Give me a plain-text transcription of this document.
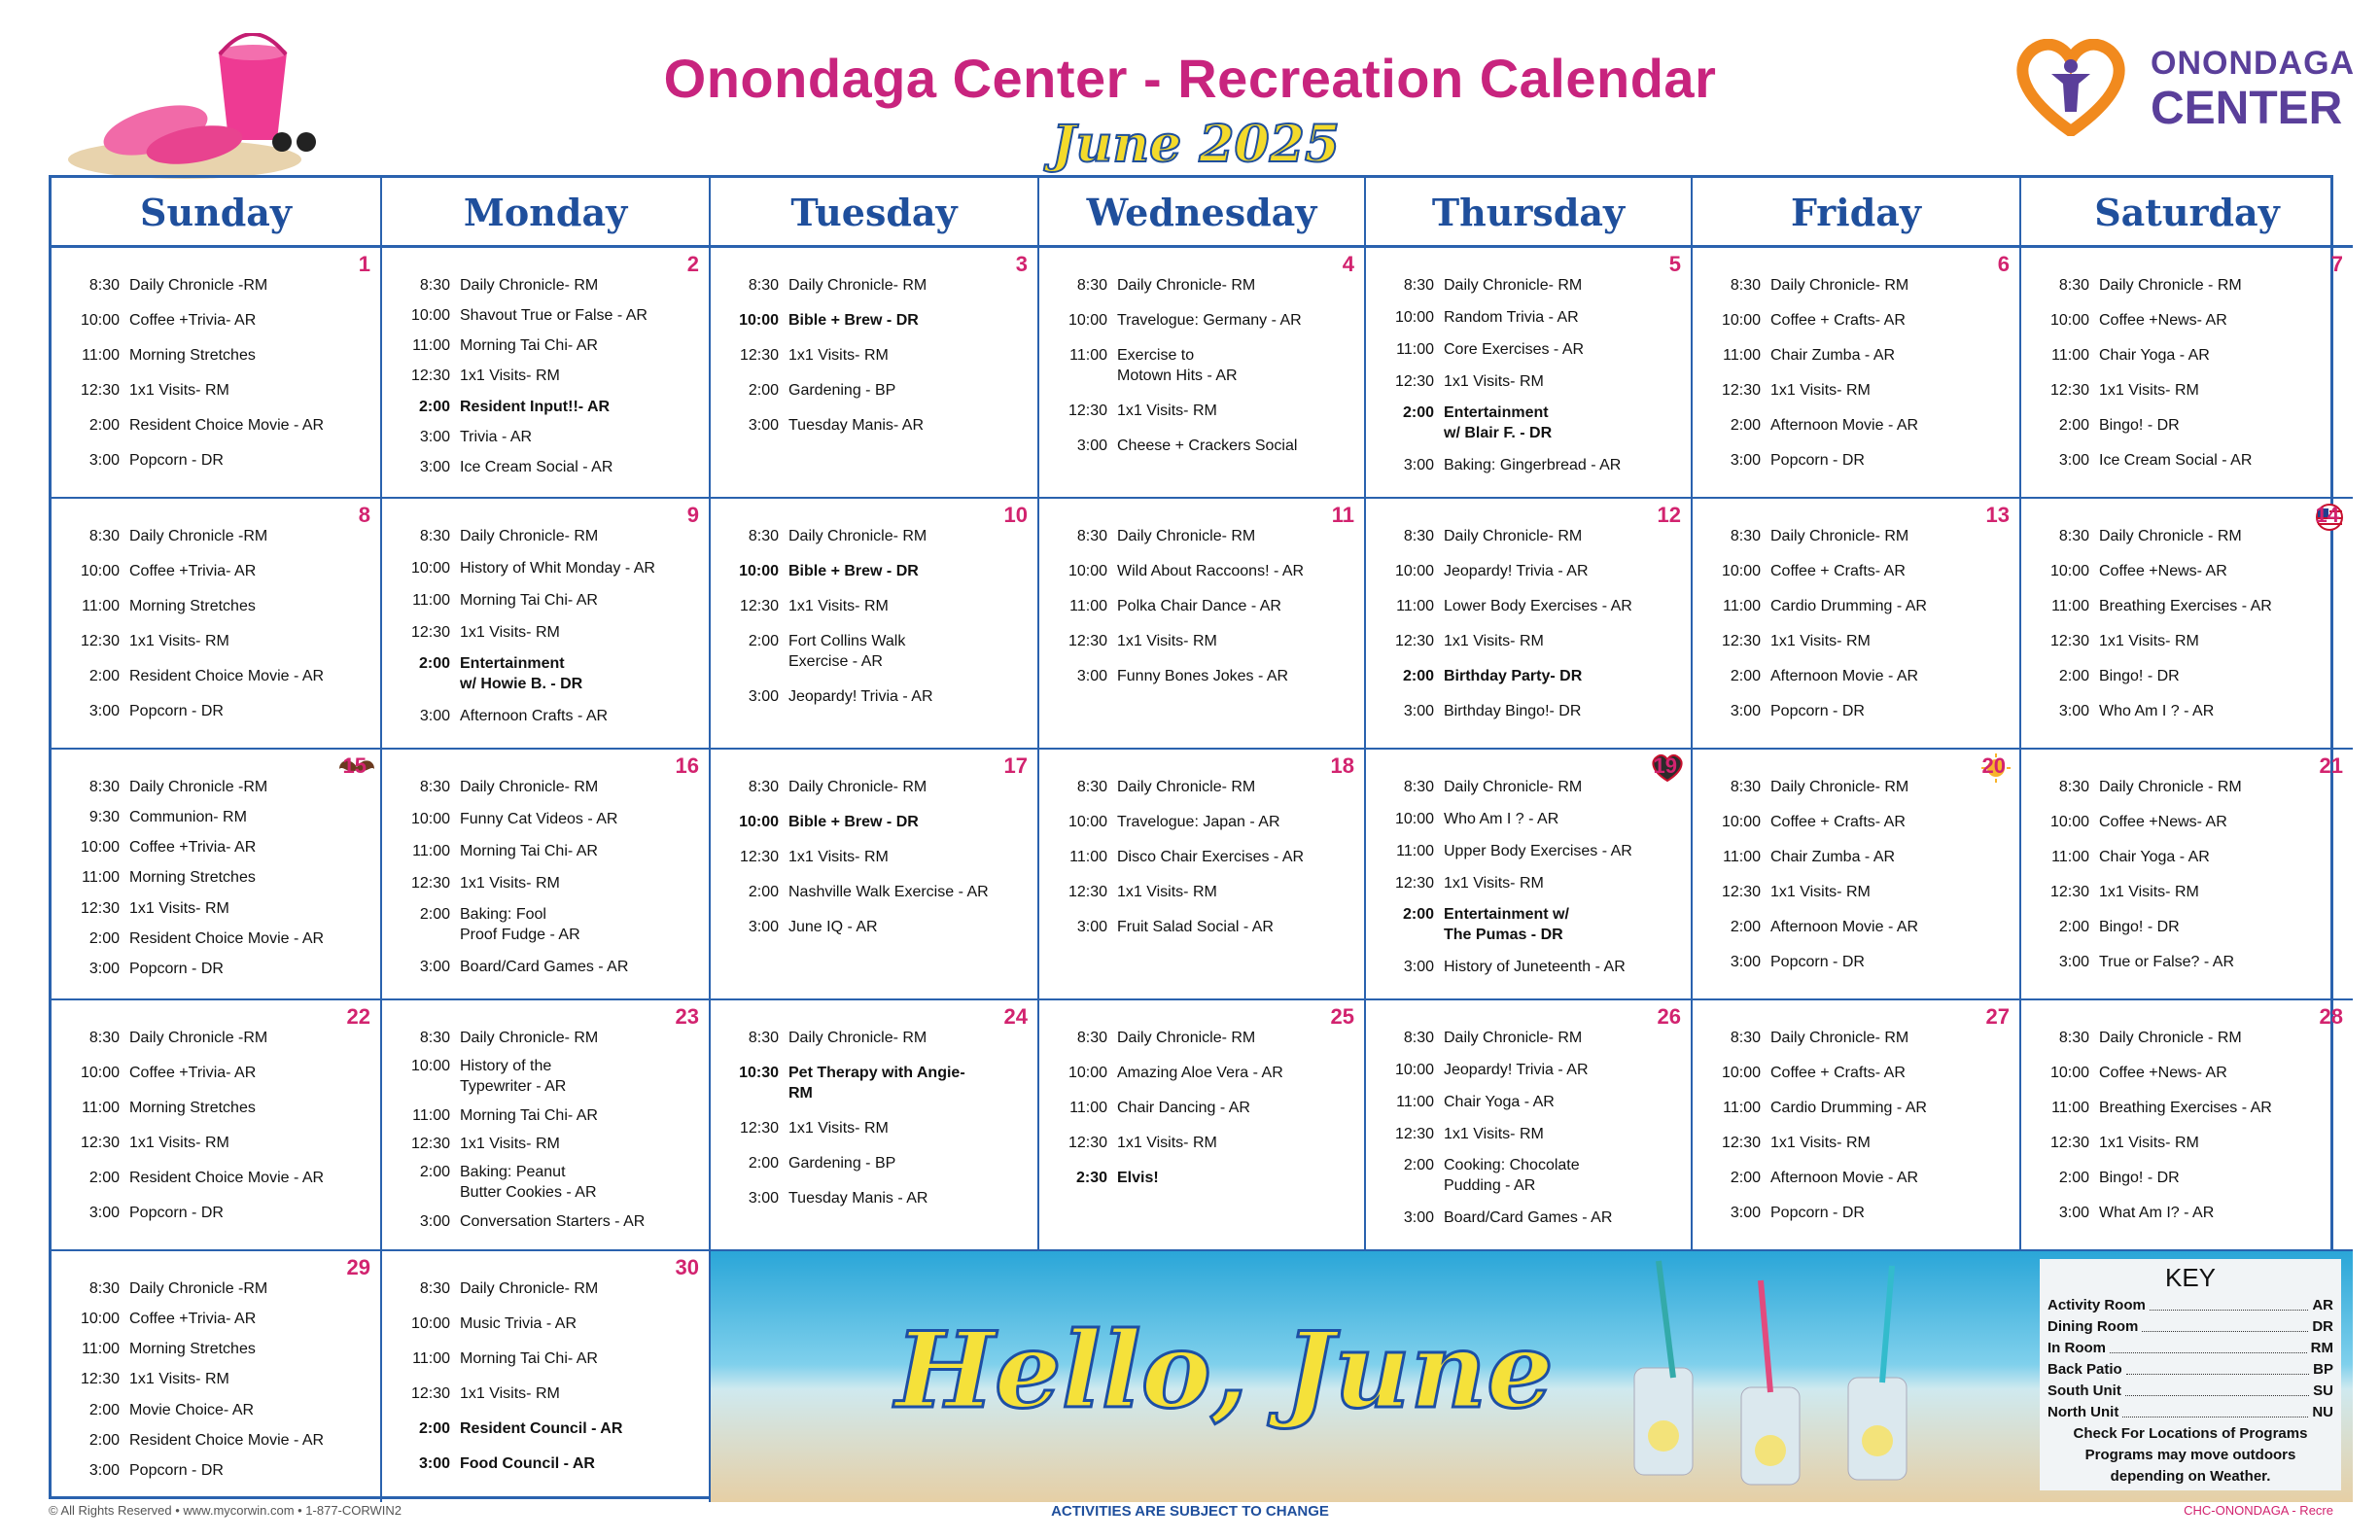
Onondaga Center - Recreation Calendar
June 2025
ONONDAGA
CENTER
Sunday	Monday	Tuesday	Wednesday	Thursday	Friday	Saturday
1
8:30 Daily Chronicle -RM
10:00 Coffee +Trivia- AR
11:00 Morning Stretches
12:30 1x1 Visits- RM
2:00 Resident Choice Movie - AR
3:00 Popcorn - DR
2
8:30 Daily Chronicle- RM
10:00 Shavout True or False - AR
11:00 Morning Tai Chi- AR
12:30 1x1 Visits- RM
2:00 Resident Input!!- AR
3:00 Trivia - AR
3:00 Ice Cream Social - AR
3
8:30 Daily Chronicle- RM
10:00 Bible + Brew - DR
12:30 1x1 Visits- RM
2:00 Gardening - BP
3:00 Tuesday Manis- AR
4
8:30 Daily Chronicle- RM
10:00 Travelogue: Germany - AR
11:00 Exercise to
Motown Hits - AR
12:30 1x1 Visits- RM
3:00 Cheese + Crackers Social
5
8:30 Daily Chronicle- RM
10:00 Random Trivia - AR
11:00 Core Exercises - AR
12:30 1x1 Visits- RM
2:00 Entertainment
w/ Blair F. - DR
3:00 Baking: Gingerbread - AR
6
8:30 Daily Chronicle- RM
10:00 Coffee + Crafts- AR
11:00 Chair Zumba - AR
12:30 1x1 Visits- RM
2:00 Afternoon Movie - AR
3:00 Popcorn - DR
7
8:30 Daily Chronicle - RM
10:00 Coffee +News- AR
11:00 Chair Yoga - AR
12:30 1x1 Visits- RM
2:00 Bingo! - DR
3:00 Ice Cream Social - AR
8
8:30 Daily Chronicle -RM
10:00 Coffee +Trivia- AR
11:00 Morning Stretches
12:30 1x1 Visits- RM
2:00 Resident Choice Movie - AR
3:00 Popcorn - DR
9
8:30 Daily Chronicle- RM
10:00 History of Whit Monday - AR
11:00 Morning Tai Chi- AR
12:30 1x1 Visits- RM
2:00 Entertainment
w/ Howie B. - DR
3:00 Afternoon Crafts - AR
10
8:30 Daily Chronicle- RM
10:00 Bible + Brew - DR
12:30 1x1 Visits- RM
2:00 Fort Collins Walk
Exercise - AR
3:00 Jeopardy! Trivia - AR
11
8:30 Daily Chronicle- RM
10:00 Wild About Raccoons! - AR
11:00 Polka Chair Dance - AR
12:30 1x1 Visits- RM
3:00 Funny Bones Jokes - AR
12
8:30 Daily Chronicle- RM
10:00 Jeopardy! Trivia - AR
11:00 Lower Body Exercises - AR
12:30 1x1 Visits- RM
2:00 Birthday Party- DR
3:00 Birthday Bingo!- DR
13
8:30 Daily Chronicle- RM
10:00 Coffee + Crafts- AR
11:00 Cardio Drumming - AR
12:30 1x1 Visits- RM
2:00 Afternoon Movie - AR
3:00 Popcorn - DR
14
8:30 Daily Chronicle - RM
10:00 Coffee +News- AR
11:00 Breathing Exercises - AR
12:30 1x1 Visits- RM
2:00 Bingo! - DR
3:00 Who Am I ? - AR
15
8:30 Daily Chronicle -RM
9:30 Communion- RM
10:00 Coffee +Trivia- AR
11:00 Morning Stretches
12:30 1x1 Visits- RM
2:00 Resident Choice Movie - AR
3:00 Popcorn - DR
16
8:30 Daily Chronicle- RM
10:00 Funny Cat Videos - AR
11:00 Morning Tai Chi- AR
12:30 1x1 Visits- RM
2:00 Baking: Fool
Proof Fudge - AR
3:00 Board/Card Games - AR
17
8:30 Daily Chronicle- RM
10:00 Bible + Brew - DR
12:30 1x1 Visits- RM
2:00 Nashville Walk Exercise - AR
3:00 June IQ - AR
18
8:30 Daily Chronicle- RM
10:00 Travelogue: Japan - AR
11:00 Disco Chair Exercises - AR
12:30 1x1 Visits- RM
3:00 Fruit Salad Social - AR
19
8:30 Daily Chronicle- RM
10:00 Who Am I ? - AR
11:00 Upper Body Exercises - AR
12:30 1x1 Visits- RM
2:00 Entertainment w/
The Pumas - DR
3:00 History of Juneteenth - AR
20
8:30 Daily Chronicle- RM
10:00 Coffee + Crafts- AR
11:00 Chair Zumba - AR
12:30 1x1 Visits- RM
2:00 Afternoon Movie - AR
3:00 Popcorn - DR
21
8:30 Daily Chronicle - RM
10:00 Coffee +News- AR
11:00 Chair Yoga - AR
12:30 1x1 Visits- RM
2:00 Bingo! - DR
3:00 True or False? - AR
22
8:30 Daily Chronicle -RM
10:00 Coffee +Trivia- AR
11:00 Morning Stretches
12:30 1x1 Visits- RM
2:00 Resident Choice Movie - AR
3:00 Popcorn - DR
23
8:30 Daily Chronicle- RM
10:00 History of the
Typewriter - AR
11:00 Morning Tai Chi- AR
12:30 1x1 Visits- RM
2:00 Baking: Peanut
Butter Cookies - AR
3:00 Conversation Starters - AR
24
8:30 Daily Chronicle- RM
10:30 Pet Therapy with Angie-
RM
12:30 1x1 Visits- RM
2:00 Gardening - BP
3:00 Tuesday Manis - AR
25
8:30 Daily Chronicle- RM
10:00 Amazing Aloe Vera - AR
11:00 Chair Dancing - AR
12:30 1x1 Visits- RM
2:30 Elvis!
26
8:30 Daily Chronicle- RM
10:00 Jeopardy! Trivia - AR
11:00 Chair Yoga - AR
12:30 1x1 Visits- RM
2:00 Cooking: Chocolate
Pudding - AR
3:00 Board/Card Games - AR
27
8:30 Daily Chronicle- RM
10:00 Coffee + Crafts- AR
11:00 Cardio Drumming - AR
12:30 1x1 Visits- RM
2:00 Afternoon Movie - AR
3:00 Popcorn - DR
28
8:30 Daily Chronicle - RM
10:00 Coffee +News- AR
11:00 Breathing Exercises - AR
12:30 1x1 Visits- RM
2:00 Bingo! - DR
3:00 What Am I? - AR
29
8:30 Daily Chronicle -RM
10:00 Coffee +Trivia- AR
11:00 Morning Stretches
12:30 1x1 Visits- RM
2:00 Movie Choice- AR
2:00 Resident Choice Movie - AR
3:00 Popcorn - DR
30
8:30 Daily Chronicle- RM
10:00 Music Trivia - AR
11:00 Morning Tai Chi- AR
12:30 1x1 Visits- RM
2:00 Resident Council - AR
3:00 Food Council - AR
Hello, June
KEY
Activity Room	AR
Dining Room	DR
In Room	RM
Back Patio	BP
South Unit	SU
North Unit	NU
Check For Locations of Programs Programs may move outdoors depending on Weather.
© All Rights Reserved • www.mycorwin.com • 1-877-CORWIN2	ACTIVITIES ARE SUBJECT TO CHANGE	CHC-ONONDAGA - Recre
